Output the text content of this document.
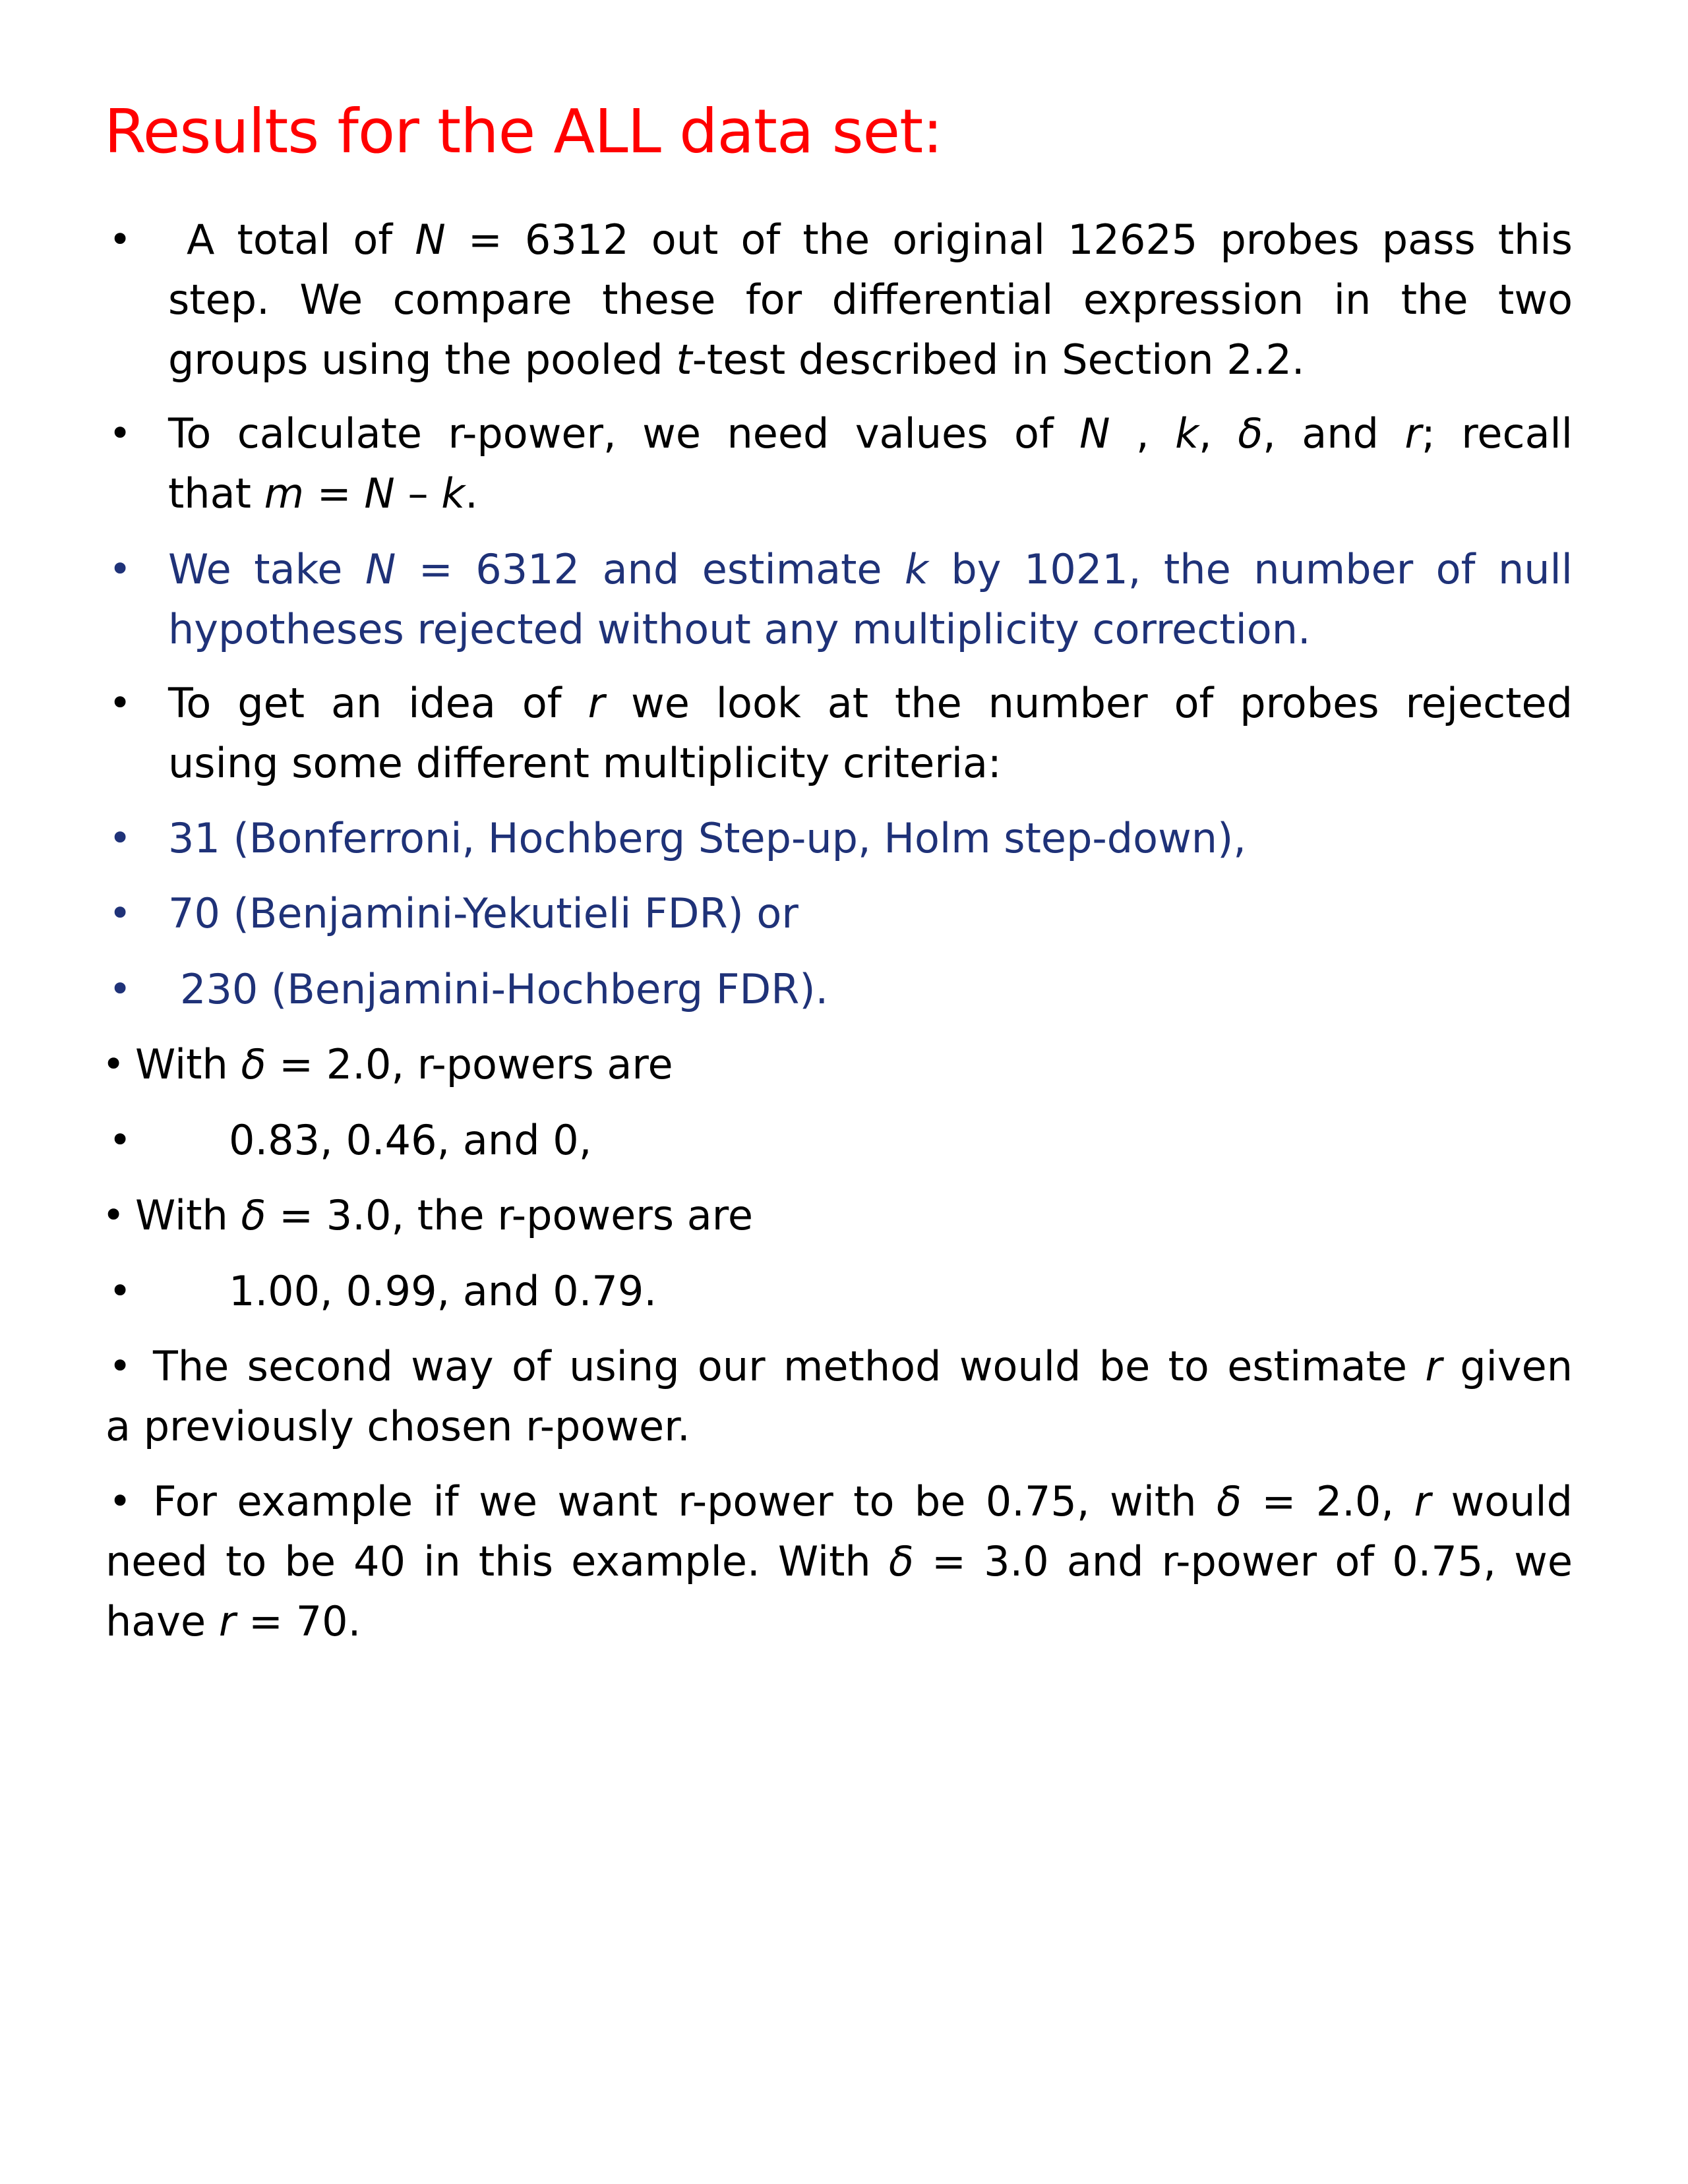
Results for the ALL data set:
• A total of N = 6312 out of the original 12625 probes pass this
step. We compare these for differential expression in the two
groups using the pooled t-test described in Section 2.2.
• To calculate r-power, we need values of N , k, δ, and r; recall
that m = N – k.
• We take N = 6312 and estimate k by 1021, the number of null
hypotheses rejected without any multiplicity correction.
• To get an idea of r we look at the number of probes rejected
using some different multiplicity criteria:
• 31 (Bonferroni, Hochberg Step-up, Holm step-down),
• 70 (Benjamini-Yekutieli FDR) or
• 230 (Benjamini-Hochberg FDR).
• With δ = 2.0, r-powers are
• 0.83, 0.46, and 0,
• With δ = 3.0, the r-powers are
• 1.00, 0.99, and 0.79.
• The second way of using our method would be to estimate r given
a previously chosen r-power.
• For example if we want r-power to be 0.75, with δ = 2.0, r would
need to be 40 in this example. With δ = 3.0 and r-power of 0.75, we
have r = 70.
